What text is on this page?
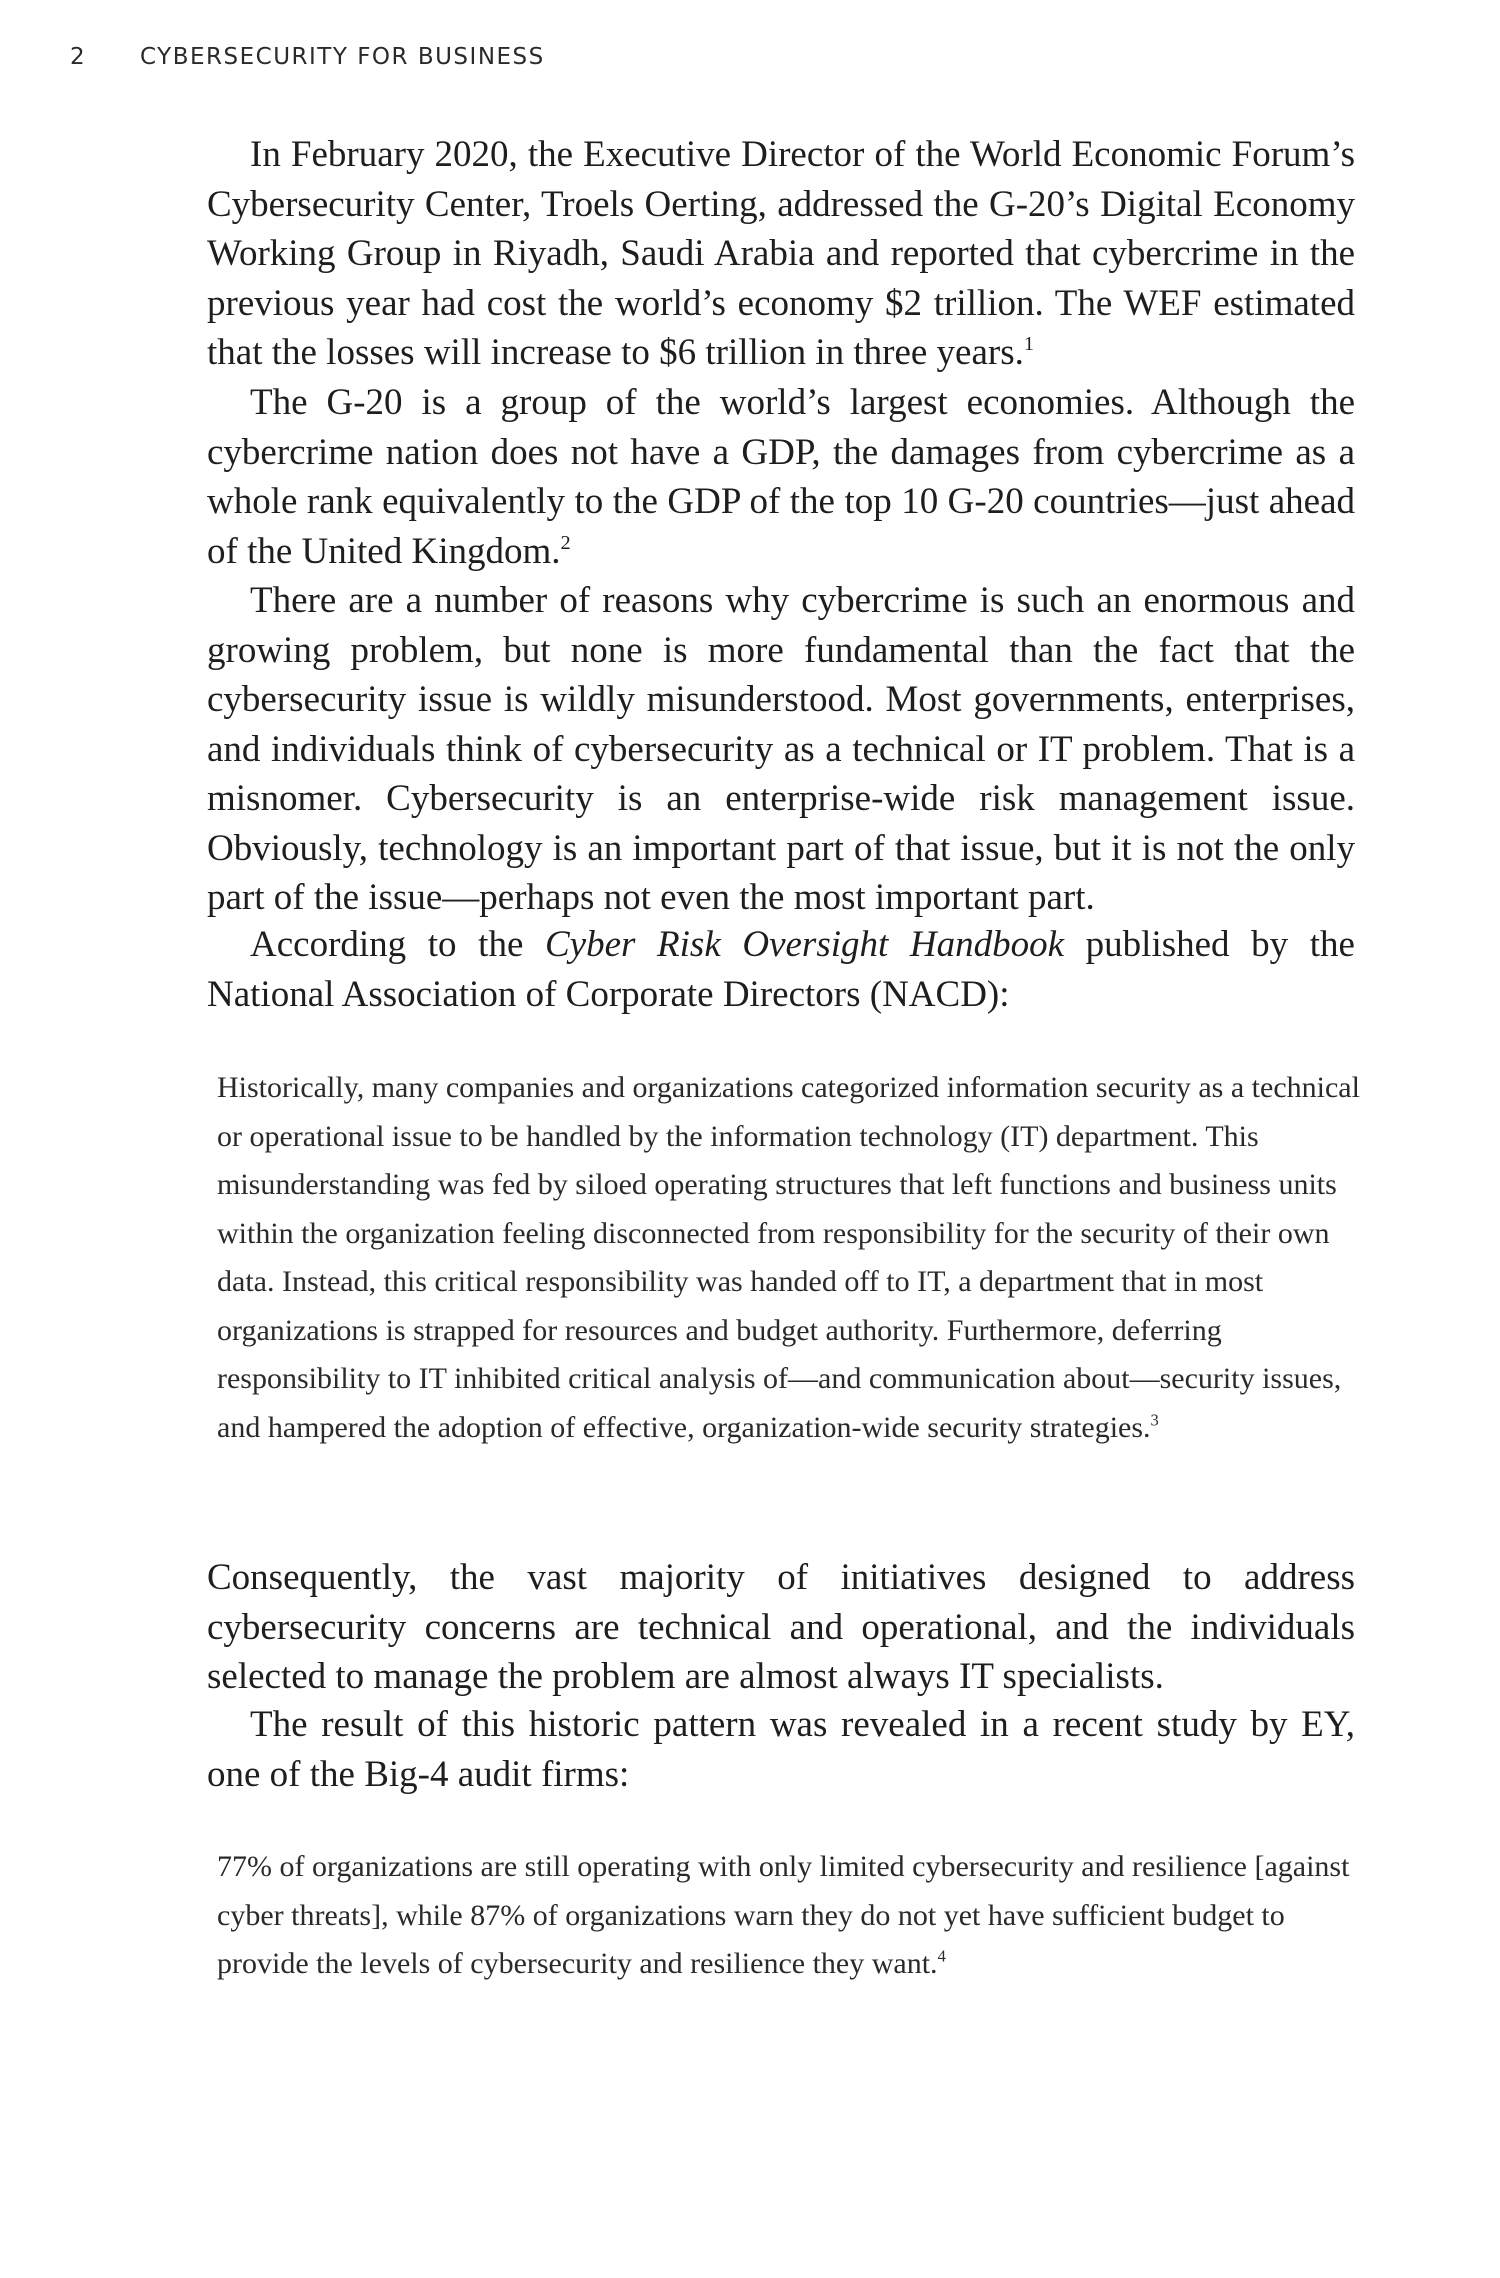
2 CYBERSECURITY FOR BUSINESS

In February 2020, the Executive Director of the World Economic Forum’s Cybersecurity Center, Troels Oerting, addressed the G-20’s Digital Economy Working Group in Riyadh, Saudi Arabia and reported that cybercrime in the previous year had cost the world’s economy $2 trillion. The WEF estimated that the losses will increase to $6 trillion in three years.$^1$

The G-20 is a group of the world’s largest economies. Although the cybercrime nation does not have a GDP, the damages from cybercrime as a whole rank equivalently to the GDP of the top 10 G-20 countries—just ahead of the United Kingdom.$^2$

There are a number of reasons why cybercrime is such an enormous and growing problem, but none is more fundamental than the fact that the cybersecurity issue is wildly misunderstood. Most governments, enterprises, and individuals think of cybersecurity as a technical or IT problem. That is a misnomer. Cybersecurity is an enterprise-wide risk management issue. Obviously, technology is an important part of that issue, but it is not the only part of the issue—perhaps not even the most important part.

According to the Cyber Risk Oversight Handbook published by the National Association of Corporate Directors (NACD):

Historically, many companies and organizations categorized information security as a technical or operational issue to be handled by the information technology (IT) department. This misunderstanding was fed by siloed operating structures that left functions and business units within the organization feeling disconnected from responsibility for the security of their own data. Instead, this critical responsibility was handed off to IT, a department that in most organizations is strapped for resources and budget authority. Furthermore, deferring responsibility to IT inhibited critical analysis of—and communication about—security issues, and hampered the adoption of effective, organization-wide security strategies.$^3$

Consequently, the vast majority of initiatives designed to address cybersecurity concerns are technical and operational, and the individuals selected to manage the problem are almost always IT specialists.

The result of this historic pattern was revealed in a recent study by EY, one of the Big-4 audit firms:

77% of organizations are still operating with only limited cybersecurity and resilience [against cyber threats], while 87% of organizations warn they do not yet have sufficient budget to provide the levels of cybersecurity and resilience they want.$^4$
